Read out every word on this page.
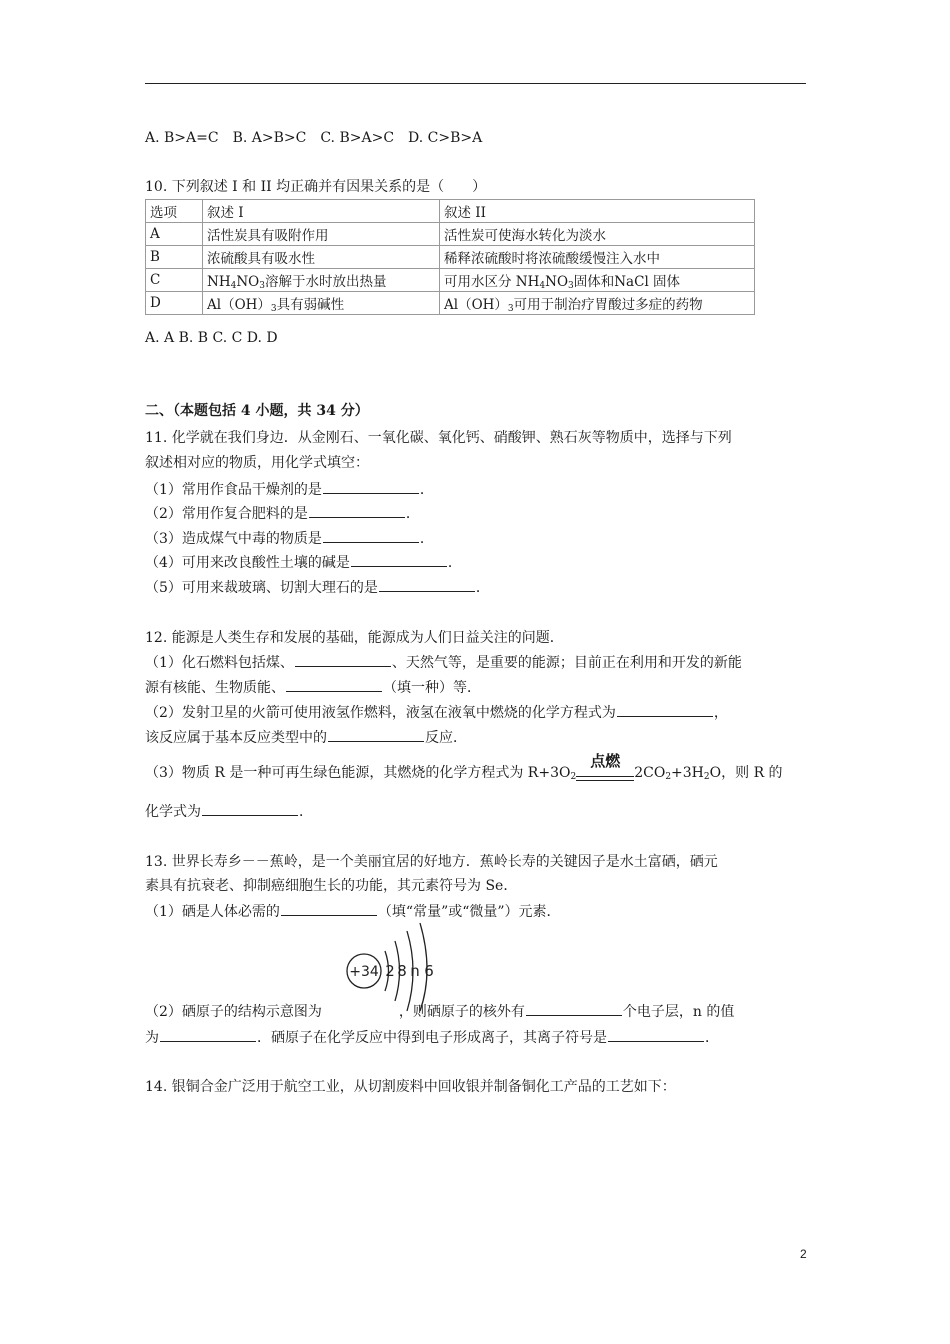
A. B>A=C　B. A>B>C　C. B>A>C　D. C>B>A
10. 下列叙述 I 和 II 均正确并有因果关系的是（　　）
选项	叙述 I	叙述 II
A	活性炭具有吸附作用	活性炭可使海水转化为淡水
B	浓硫酸具有吸水性	稀释浓硫酸时将浓硫酸缓慢注入水中
C	$NH_4NO_3$溶解于水时放出热量	可用水区分 $NH_4NO_3$固体和NaCl 固体
D	$Al(OH)_3$具有弱碱性	$Al(OH)_3$可用于制治疗胃酸过多症的药物
A. A B. B C. C D. D
二、（本题包括 4 小题，共 34 分）
11. 化学就在我们身边．从金刚石、一氧化碳、氧化钙、硝酸钾、熟石灰等物质中，选择与下列
叙述相对应的物质，用化学式填空：
（1）常用作食品干燥剂的是	．
（2）常用作复合肥料的是	．
（3）造成煤气中毒的物质是	．
（4）可用来改良酸性土壤的碱是	．
（5）可用来裁玻璃、切割大理石的是	．
12. 能源是人类生存和发展的基础，能源成为人们日益关注的问题．
（1）化石燃料包括煤、	、天然气等，是重要的能源；目前正在利用和开发的新能
源有核能、生物质能、	（填一种）等．
（2）发射卫星的火箭可使用液氢作燃料，液氢在液氧中燃烧的化学方程式为	，
该反应属于基本反应类型中的	反应．
（3）物质 R 是一种可再生绿色能源，其燃烧的化学方程式为 $R+3O_2$
点燃
$2CO_2+3H_2O$，则 R 的
化学式为	．
13. 世界长寿乡－－蕉岭，是一个美丽宜居的好地方．蕉岭长寿的关键因子是水土富硒，硒元
素具有抗衰老、抑制癌细胞生长的功能，其元素符号为 Se．
（1）硒是人体必需的	（填“常量”或“微量”）元素．
+34 2 8 n 6
（2）硒原子的结构示意图为	，则硒原子的核外有	个电子层，n 的值
为	．硒原子在化学反应中得到电子形成离子，其离子符号是	．
14. 银铜合金广泛用于航空工业，从切割废料中回收银并制备铜化工产品的工艺如下：
2
